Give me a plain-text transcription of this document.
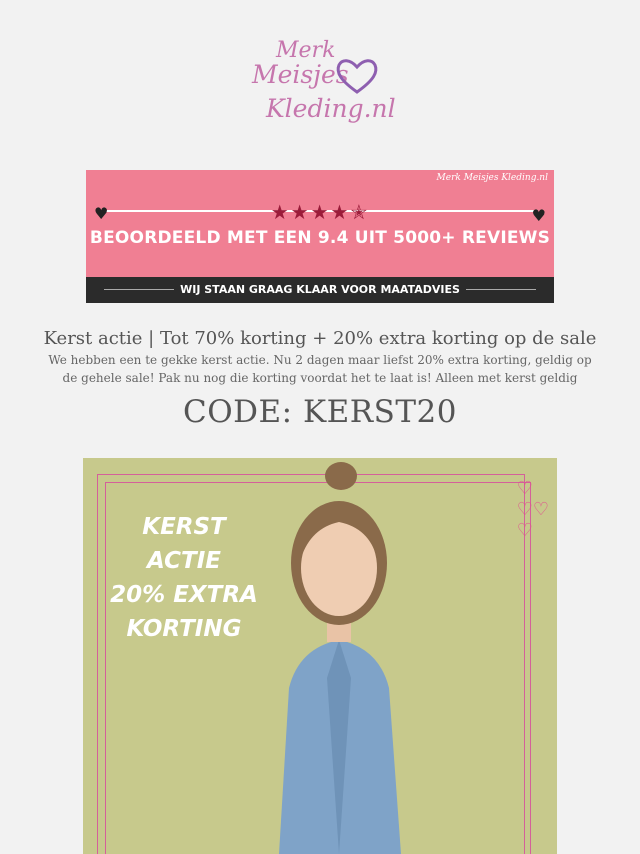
Merk
Meisjes
Kleding.nl
Merk Meisjes Kleding.nl
♥	♥
★★★★✭
BEOORDEELD MET EEN 9.4 UIT 5000+ REVIEWS
WIJ STAAN GRAAG KLAAR VOOR MAATADVIES
Kerst actie | Tot 70% korting + 20% extra korting op de sale
We hebben een te gekke kerst actie. Nu 2 dagen maar liefst 20% extra korting, geldig op de gehele sale! Pak nu nog die korting voordat het te laat is! Alleen met kerst geldig
CODE: KERST20
KERST ACTIE
20% EXTRA
KORTING
♡
♡♡
♡
